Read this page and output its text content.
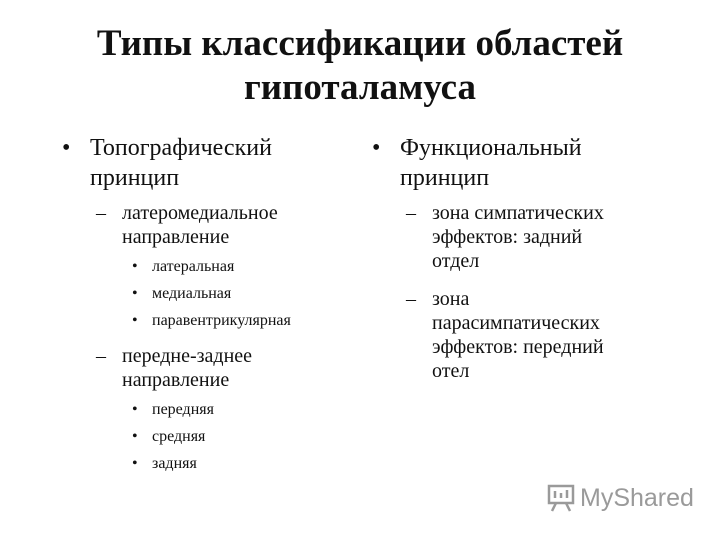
Типы классификации областей
гипоталамуса
• Топографический
принцип
– латеромедиальное
направление
• латеральная
• медиальная
• паравентрикулярная
– передне-заднее
направление
• передняя
• средняя
• задняя
• Функциональный
принцип
– зона симпатических
эффектов: задний
отдел
– зона
парасимпатических
эффектов: передний
отел
MyShared
